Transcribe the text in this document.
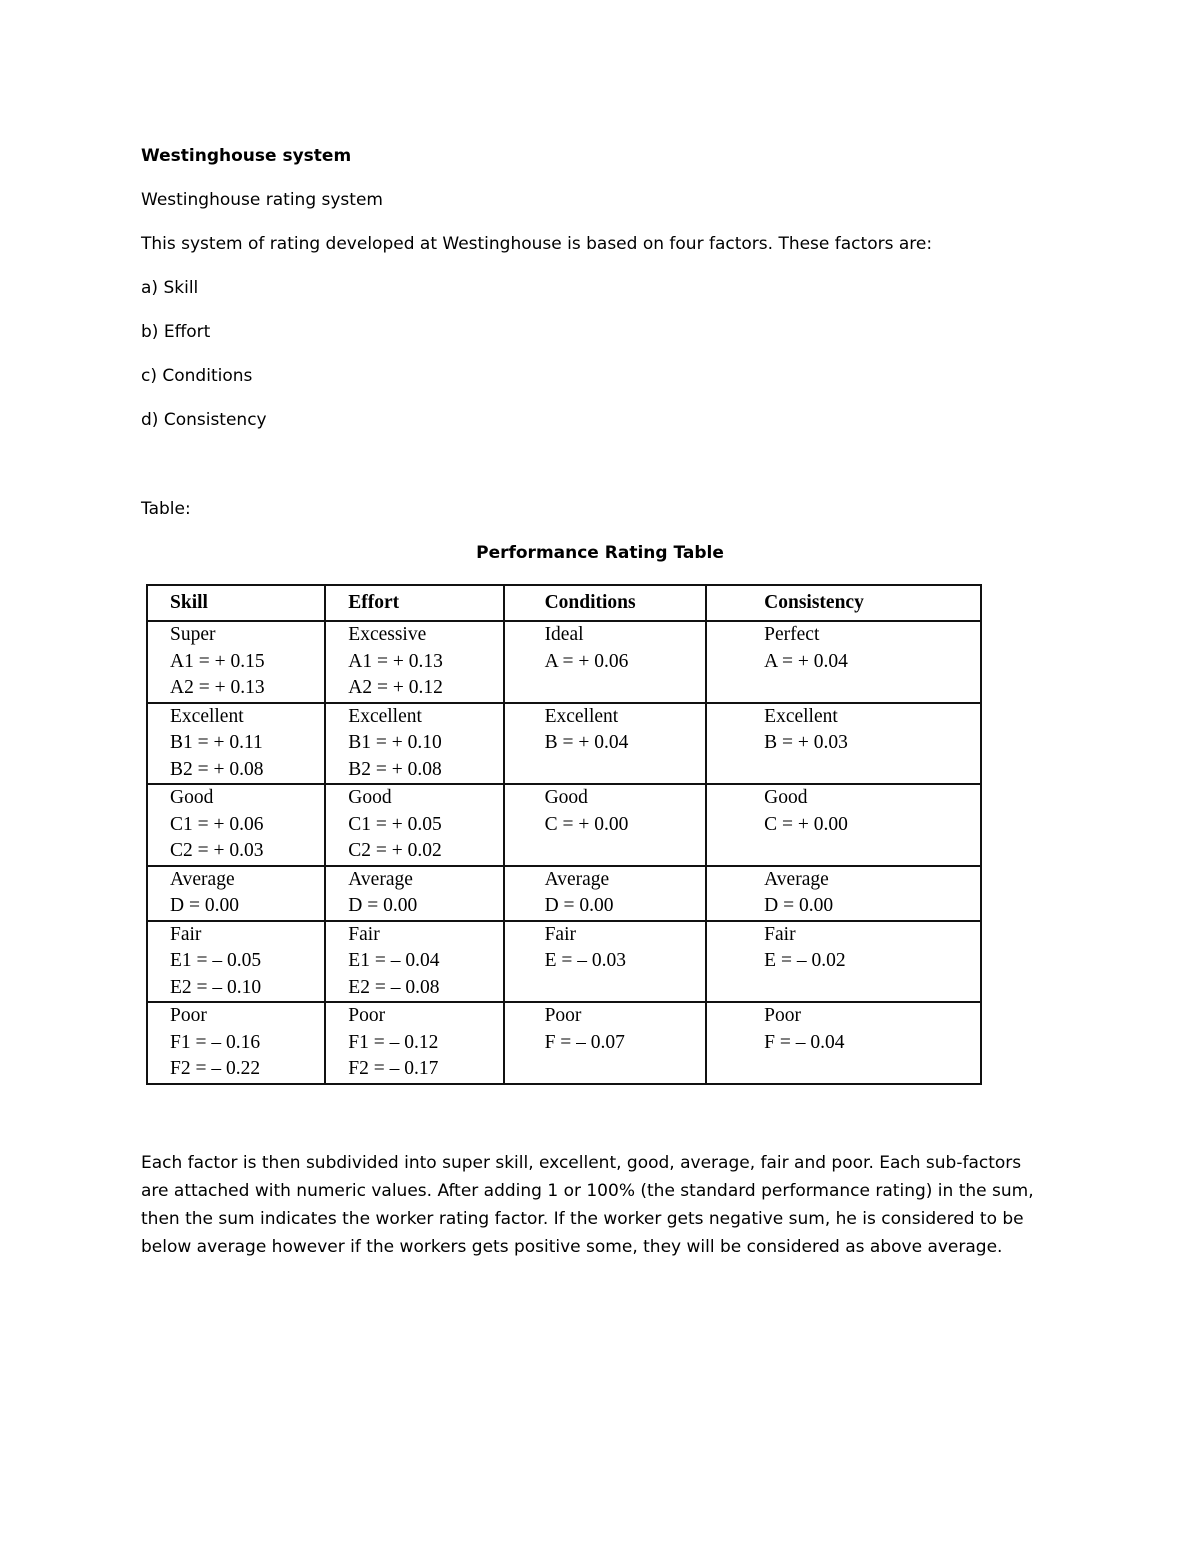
Westinghouse system
Westinghouse rating system
This system of rating developed at Westinghouse is based on four factors. These factors are:
a) Skill
b) Effort
c) Conditions
d) Consistency
Table:
Performance Rating Table
Skill	Effort	Conditions	Consistency

Super
A1 = + 0.15
A2 = + 0.13	Excessive
A1 = + 0.13
A2 = + 0.12	Ideal
A = + 0.06	Perfect
A = + 0.04

Excellent
B1 = + 0.11
B2 = + 0.08	Excellent
B1 = + 0.10
B2 = + 0.08	Excellent
B = + 0.04	Excellent
B = + 0.03

Good
C1 = + 0.06
C2 = + 0.03	Good
C1 = + 0.05
C2 = + 0.02	Good
C = + 0.00	Good
C = + 0.00

Average
D = 0.00	Average
D = 0.00	Average
D = 0.00	Average
D = 0.00

Fair
E1 = – 0.05
E2 = – 0.10	Fair
E1 = – 0.04
E2 = – 0.08	Fair
E = – 0.03	Fair
E = – 0.02

Poor
F1 = – 0.16
F2 = – 0.22	Poor
F1 = – 0.12
F2 = – 0.17	Poor
F = – 0.07	Poor
F = – 0.04
Each factor is then subdivided into super skill, excellent, good, average, fair and poor. Each sub-factors
are attached with numeric values. After adding 1 or 100% (the standard performance rating) in the sum,
then the sum indicates the worker rating factor. If the worker gets negative sum, he is considered to be
below average however if the workers gets positive some, they will be considered as above average.
